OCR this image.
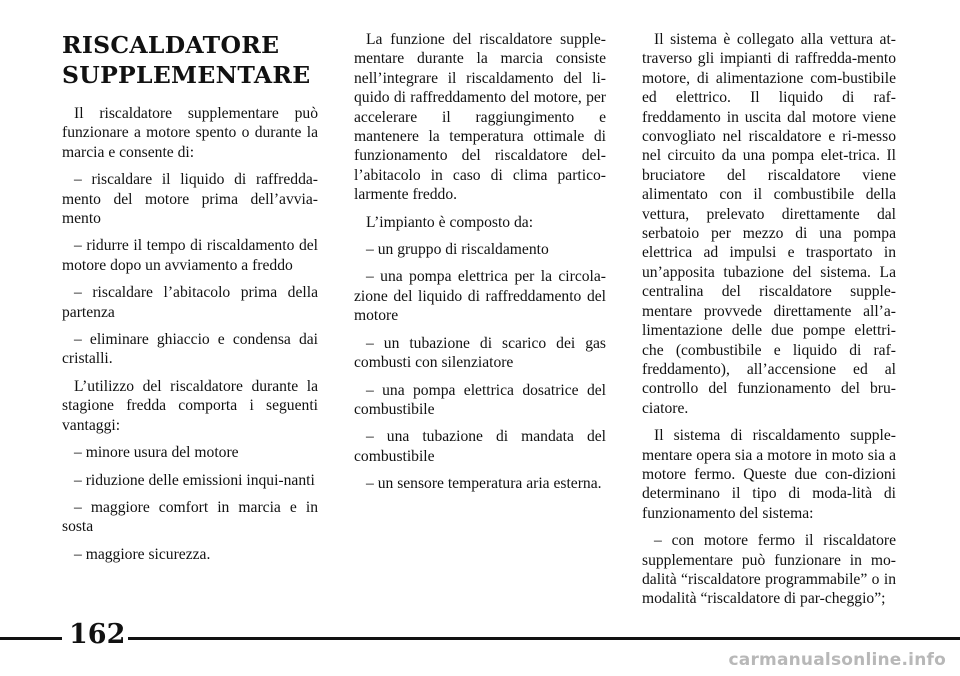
RISCALDATORE SUPPLEMENTARE

Il riscaldatore supplementare può funzionare a motore spento o durante la marcia e consente di:

– riscaldare il liquido di raffredda-mento del motore prima dell’avvia-mento

– ridurre il tempo di riscaldamento del motore dopo un avviamento a freddo

– riscaldare l’abitacolo prima della partenza

– eliminare ghiaccio e condensa dai cristalli.

L’utilizzo del riscaldatore durante la stagione fredda comporta i seguenti vantaggi:

– minore usura del motore

– riduzione delle emissioni inqui-nanti

– maggiore comfort in marcia e in sosta

– maggiore sicurezza.

La funzione del riscaldatore supple-mentare durante la marcia consiste nell’integrare il riscaldamento del li-quido di raffreddamento del motore, per accelerare il raggiungimento e mantenere la temperatura ottimale di funzionamento del riscaldatore del-l’abitacolo in caso di clima partico-larmente freddo.

L’impianto è composto da:

– un gruppo di riscaldamento

– una pompa elettrica per la circola-zione del liquido di raffreddamento del motore

– un tubazione di scarico dei gas combusti con silenziatore

– una pompa elettrica dosatrice del combustibile

– una tubazione di mandata del combustibile

– un sensore temperatura aria esterna.

Il sistema è collegato alla vettura at-traverso gli impianti di raffredda-mento motore, di alimentazione com-bustibile ed elettrico. Il liquido di raf-freddamento in uscita dal motore viene convogliato nel riscaldatore e ri-messo nel circuito da una pompa elet-trica. Il bruciatore del riscaldatore viene alimentato con il combustibile della vettura, prelevato direttamente dal serbatoio per mezzo di una pompa elettrica ad impulsi e trasportato in un’apposita tubazione del sistema. La centralina del riscaldatore supple-mentare provvede direttamente all’a-limentazione delle due pompe elettri-che (combustibile e liquido di raf-freddamento), all’accensione ed al controllo del funzionamento del bru-ciatore.

Il sistema di riscaldamento supple-mentare opera sia a motore in moto sia a motore fermo. Queste due con-dizioni determinano il tipo di moda-lità di funzionamento del sistema:

– con motore fermo il riscaldatore supplementare può funzionare in mo-dalità “riscaldatore programmabile” o in modalità “riscaldatore di par-cheggio”;

162
carmanualsonline.info
